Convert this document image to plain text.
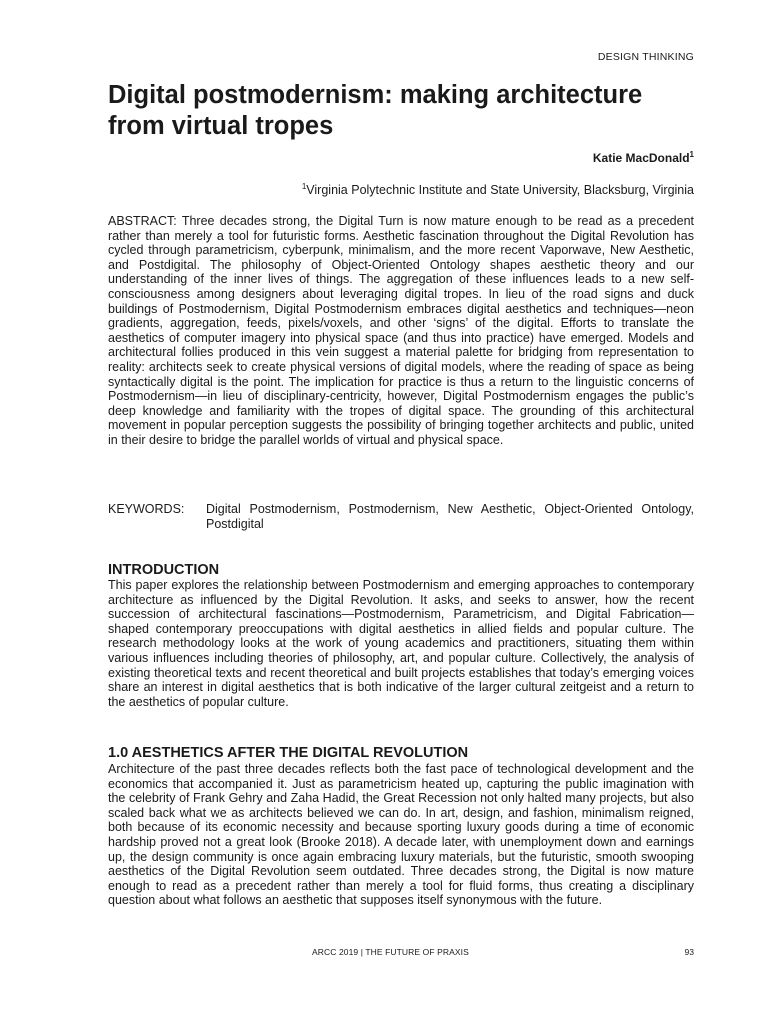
DESIGN THINKING
Digital postmodernism: making architecture from virtual tropes
Katie MacDonald$^1$
$^1$Virginia Polytechnic Institute and State University, Blacksburg, Virginia

ABSTRACT: Three decades strong, the Digital Turn is now mature enough to be read as a precedent rather than merely a tool for futuristic forms. Aesthetic fascination throughout the Digital Revolution has cycled through parametricism, cyberpunk, minimalism, and the more recent Vaporwave, New Aesthetic, and Postdigital. The philosophy of Object-Oriented Ontology shapes aesthetic theory and our understanding of the inner lives of things. The aggregation of these influences leads to a new self-consciousness among designers about leveraging digital tropes. In lieu of the road signs and duck buildings of Postmodernism, Digital Postmodernism embraces digital aesthetics and techniques—neon gradients, aggregation, feeds, pixels/voxels, and other ‘signs’ of the digital. Efforts to translate the aesthetics of computer imagery into physical space (and thus into practice) have emerged. Models and architectural follies produced in this vein suggest a material palette for bridging from representation to reality: architects seek to create physical versions of digital models, where the reading of space as being syntactically digital is the point. The implication for practice is thus a return to the linguistic concerns of Postmodernism—in lieu of disciplinary-centricity, however, Digital Postmodernism engages the public’s deep knowledge and familiarity with the tropes of digital space. The grounding of this architectural movement in popular perception suggests the possibility of bringing together architects and public, united in their desire to bridge the parallel worlds of virtual and physical space.

KEYWORDS:	Digital Postmodernism, Postmodernism, New Aesthetic, Object-Oriented Ontology, Postdigital
INTRODUCTION

This paper explores the relationship between Postmodernism and emerging approaches to contemporary architecture as influenced by the Digital Revolution. It asks, and seeks to answer, how the recent succession of architectural fascinations—Postmodernism, Parametricism, and Digital Fabrication—shaped contemporary preoccupations with digital aesthetics in allied fields and popular culture. The research methodology looks at the work of young academics and practitioners, situating them within various influences including theories of philosophy, art, and popular culture. Collectively, the analysis of existing theoretical texts and recent theoretical and built projects establishes that today’s emerging voices share an interest in digital aesthetics that is both indicative of the larger cultural zeitgeist and a return to the aesthetics of popular culture.

1.0 AESTHETICS AFTER THE DIGITAL REVOLUTION

Architecture of the past three decades reflects both the fast pace of technological development and the economics that accompanied it. Just as parametricism heated up, capturing the public imagination with the celebrity of Frank Gehry and Zaha Hadid, the Great Recession not only halted many projects, but also scaled back what we as architects believed we can do. In art, design, and fashion, minimalism reigned, both because of its economic necessity and because sporting luxury goods during a time of economic hardship proved not a great look (Brooke 2018). A decade later, with unemployment down and earnings up, the design community is once again embracing luxury materials, but the futuristic, smooth swooping aesthetics of the Digital Revolution seem outdated. Three decades strong, the Digital is now mature enough to read as a precedent rather than merely a tool for fluid forms, thus creating a disciplinary question about what follows an aesthetic that supposes itself synonymous with the future.

ARCC 2019 | THE FUTURE OF PRAXIS	93
